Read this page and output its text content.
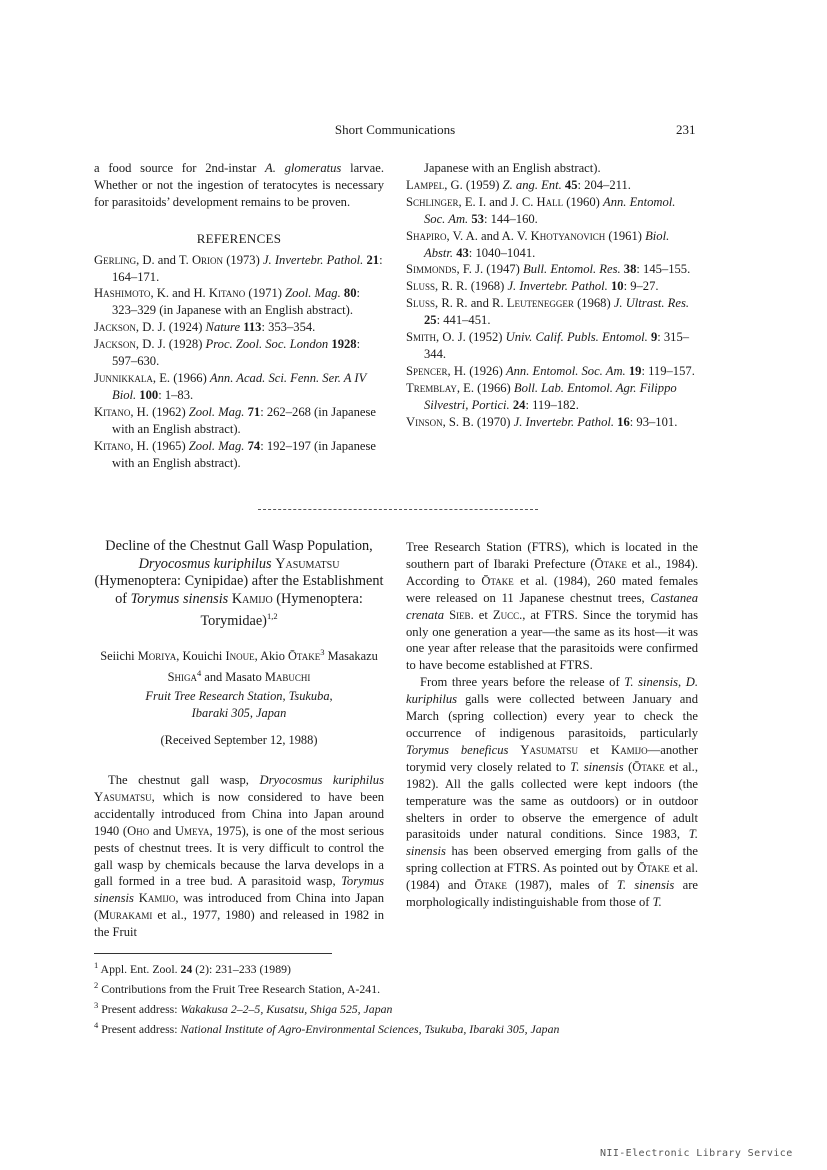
Short Communications	231

a food source for 2nd-instar A. glomeratus larvae. Whether or not the ingestion of teratocytes is necessary for parasitoids’ development remains to be proven.

REFERENCES

Gerling, D. and T. Orion (1973) J. Invertebr. Pathol. 21: 164–171.

Hashimoto, K. and H. Kitano (1971) Zool. Mag. 80: 323–329 (in Japanese with an English abstract).

Jackson, D. J. (1924) Nature 113: 353–354.

Jackson, D. J. (1928) Proc. Zool. Soc. London 1928: 597–630.

Junnikkala, E. (1966) Ann. Acad. Sci. Fenn. Ser. A IV Biol. 100: 1–83.

Kitano, H. (1962) Zool. Mag. 71: 262–268 (in Japanese with an English abstract).

Kitano, H. (1965) Zool. Mag. 74: 192–197 (in Japanese with an English abstract).

Japanese with an English abstract).

Lampel, G. (1959) Z. ang. Ent. 45: 204–211.

Schlinger, E. I. and J. C. Hall (1960) Ann. Entomol. Soc. Am. 53: 144–160.

Shapiro, V. A. and A. V. Khotyanovich (1961) Biol. Abstr. 43: 1040–1041.

Simmonds, F. J. (1947) Bull. Entomol. Res. 38: 145–155.

Sluss, R. R. (1968) J. Invertebr. Pathol. 10: 9–27.

Sluss, R. R. and R. Leutenegger (1968) J. Ultrast. Res. 25: 441–451.

Smith, O. J. (1952) Univ. Calif. Publs. Entomol. 9: 315–344.

Spencer, H. (1926) Ann. Entomol. Soc. Am. 19: 119–157.

Tremblay, E. (1966) Boll. Lab. Entomol. Agr. Filippo Silvestri, Portici. 24: 119–182.

Vinson, S. B. (1970) J. Invertebr. Pathol. 16: 93–101.

Decline of the Chestnut Gall Wasp Population, Dryocosmus kuriphilus Yasumatsu (Hymenoptera: Cynipidae) after the Establishment of Torymus sinensis Kamijo (Hymenoptera: Torymidae)$^{1,2}$
Seiichi Moriya, Kouichi Inoue, Akio Ōtake$^3$ Masakazu Shiga$^4$ and Masato Mabuchi
Fruit Tree Research Station, Tsukuba,
Ibaraki 305, Japan
(Received September 12, 1988)

The chestnut gall wasp, Dryocosmus kuriphilus Yasumatsu, which is now considered to have been accidentally introduced from China into Japan around 1940 (Oho and Umeya, 1975), is one of the most serious pests of chestnut trees. It is very difficult to control the gall wasp by chemicals because the larva develops in a gall formed in a tree bud. A parasitoid wasp, Torymus sinensis Kamijo, was introduced from China into Japan (Murakami et al., 1977, 1980) and released in 1982 in the Fruit

Tree Research Station (FTRS), which is located in the southern part of Ibaraki Prefecture (Ōtake et al., 1984). According to Ōtake et al. (1984), 260 mated females were released on 11 Japanese chestnut trees, Castanea crenata Sieb. et Zucc., at FTRS. Since the torymid has only one generation a year—the same as its host—it was one year after release that the parasitoids were confirmed to have become established at FTRS.

From three years before the release of T. sinensis, D. kuriphilus galls were collected between January and March (spring collection) every year to check the occurrence of indigenous parasitoids, particularly Torymus beneficus Yasumatsu et Kamijo—another torymid very closely related to T. sinensis (Ōtake et al., 1982). All the galls collected were kept indoors (the temperature was the same as outdoors) or in outdoor shelters in order to observe the emergence of adult parasitoids under natural conditions. Since 1983, T. sinensis has been observed emerging from galls of the spring collection at FTRS. As pointed out by Ōtake et al. (1984) and Ōtake (1987), males of T. sinensis are morphologically indistinguishable from those of T.

$^1$ Appl. Ent. Zool. 24 (2): 231–233 (1989)

$^2$ Contributions from the Fruit Tree Research Station, A-241.

$^3$ Present address: Wakakusa 2–2–5, Kusatsu, Shiga 525, Japan

$^4$ Present address: National Institute of Agro-Environmental Sciences, Tsukuba, Ibaraki 305, Japan

NII-Electronic Library Service
